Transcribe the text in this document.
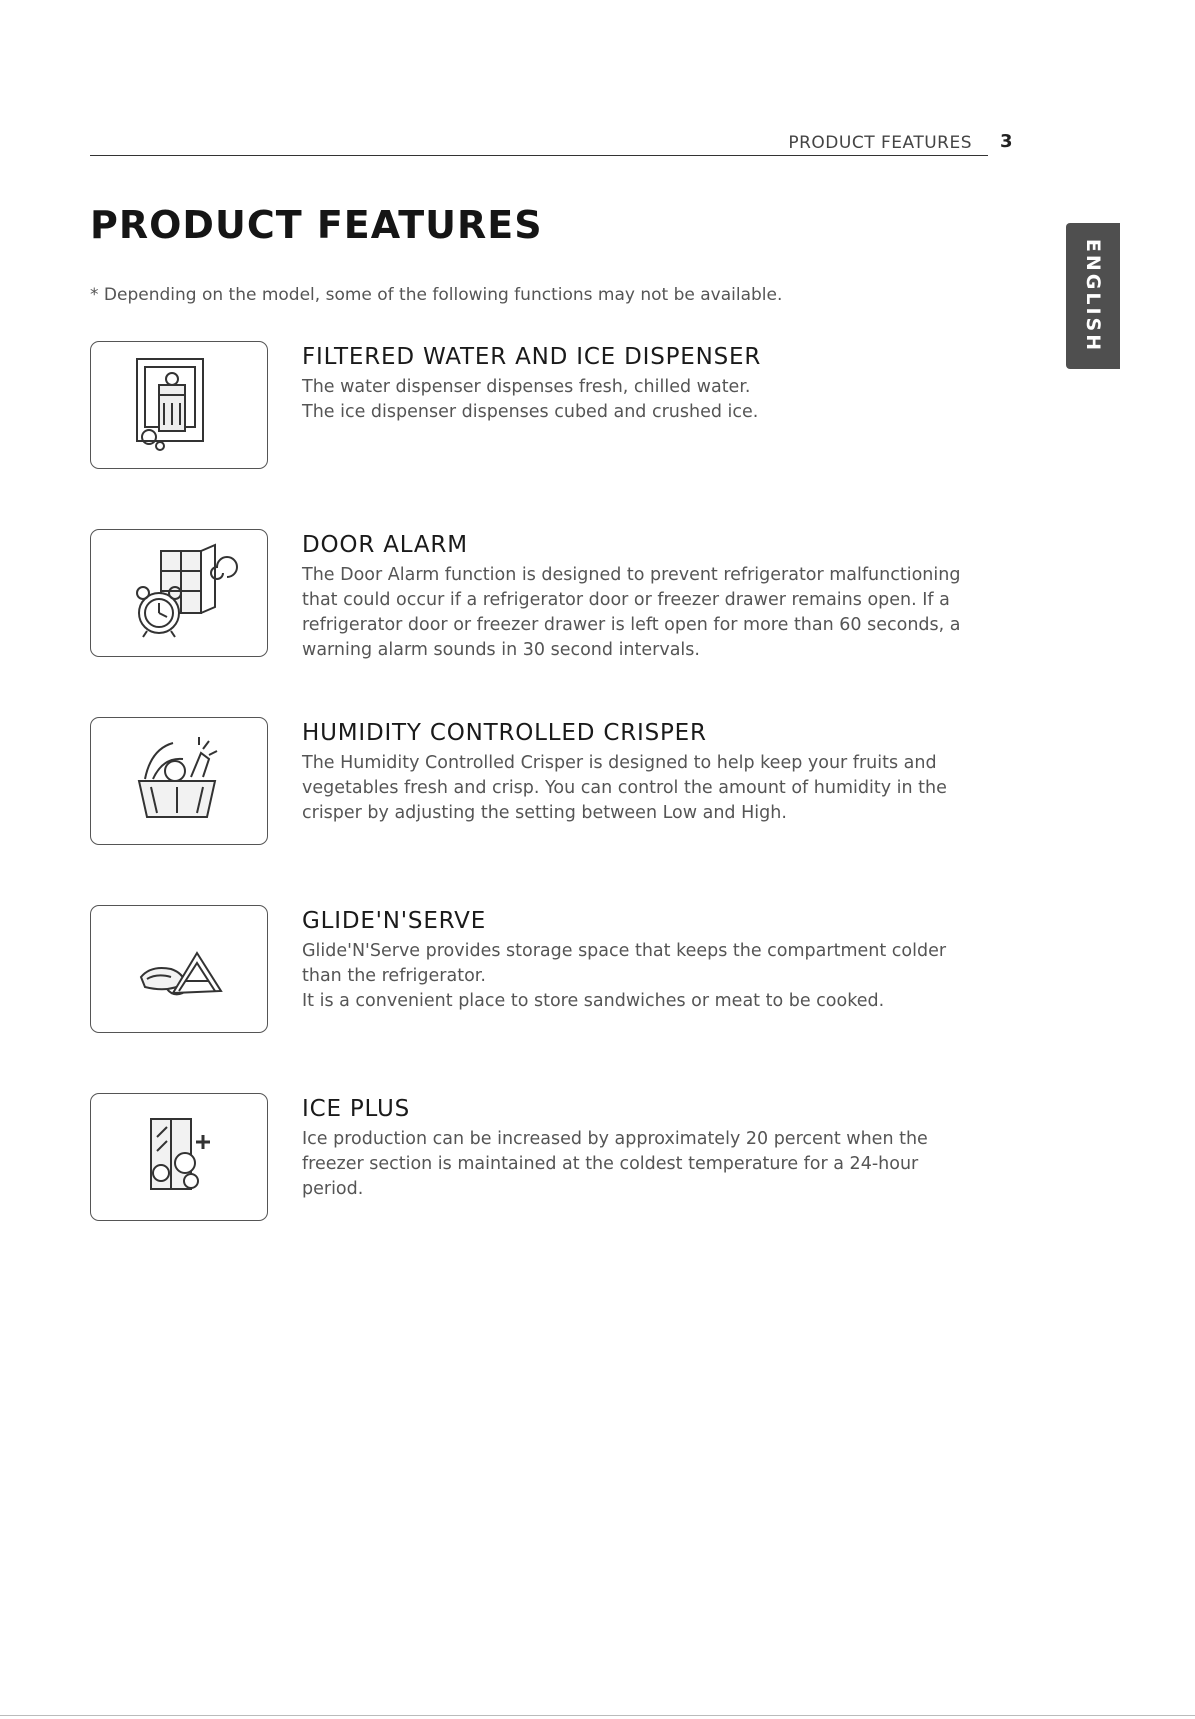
PRODUCT FEATURES 3
ENGLISH
PRODUCT FEATURES
* Depending on the model, some of the following functions may not be available.
FILTERED WATER AND ICE DISPENSER
The water dispenser dispenses fresh, chilled water.
The ice dispenser dispenses cubed and crushed ice.
DOOR ALARM
The Door Alarm function is designed to prevent refrigerator malfunctioning
that could occur if a refrigerator door or freezer drawer remains open. If a
refrigerator door or freezer drawer is left open for more than 60 seconds, a
warning alarm sounds in 30 second intervals.
HUMIDITY CONTROLLED CRISPER
The Humidity Controlled Crisper is designed to help keep your fruits and
vegetables fresh and crisp. You can control the amount of humidity in the
crisper by adjusting the setting between Low and High.
GLIDE'N'SERVE
Glide'N'Serve provides storage space that keeps the compartment colder
than the refrigerator.
It is a convenient place to store sandwiches or meat to be cooked.
ICE PLUS
Ice production can be increased by approximately 20 percent when the
freezer section is maintained at the coldest temperature for a 24-hour
period.
